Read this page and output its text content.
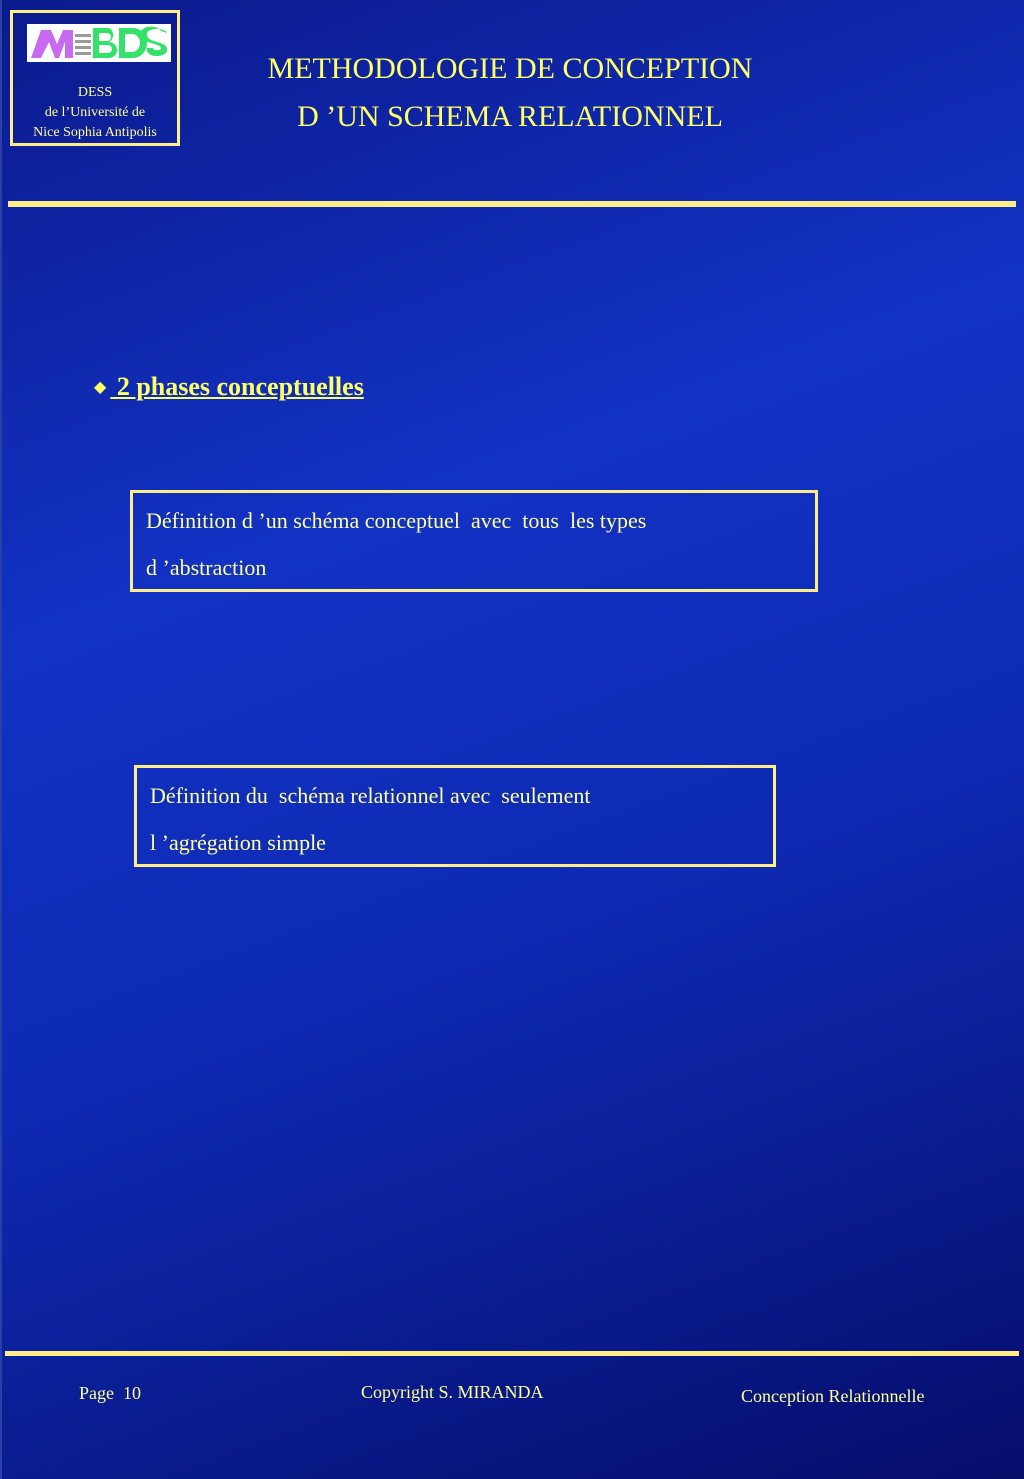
DESS
de l’Université de
Nice Sophia Antipolis
METHODOLOGIE DE CONCEPTION
D ’UN SCHEMA RELATIONNEL
◆ 2 phases conceptuelles
Définition d ’un schéma conceptuel  avec  tous  les types
d ’abstraction
Définition du  schéma relationnel avec  seulement
l ’agrégation simple
Page  10	Copyright S. MIRANDA	Conception Relationnelle
